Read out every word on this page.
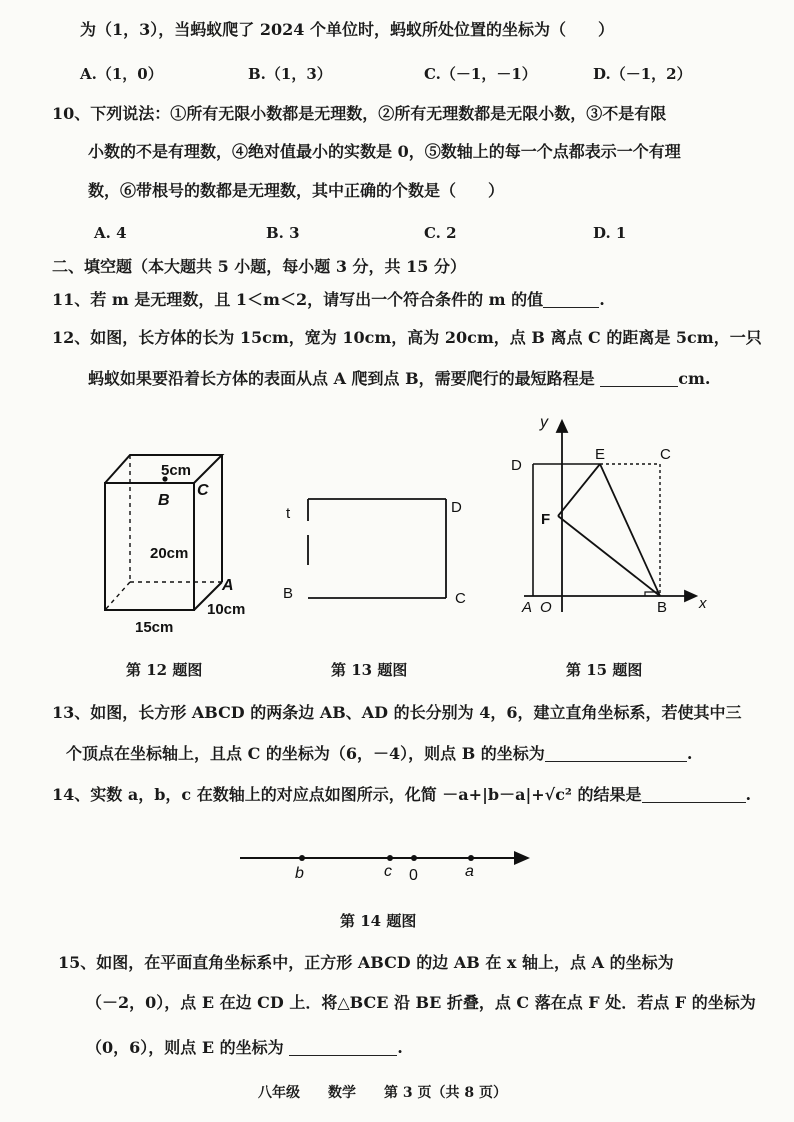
为（1，3），当蚂蚁爬了 2024 个单位时，蚂蚁所处位置的坐标为（　　）
A.（1，0）	B.（1，3）	C.（－1，－1）	D.（－1，2）
10、下列说法：①所有无限小数都是无理数，②所有无理数都是无限小数，③不是有限
小数的不是有理数，④绝对值最小的实数是 0，⑤数轴上的每一个点都表示一个有理
数，⑥带根号的数都是无理数，其中正确的个数是（　　）
A. 4	B. 3	C. 2	D. 1
二、填空题（本大题共 5 小题，每小题 3 分，共 15 分）
11、若 m 是无理数，且 1＜m＜2，请写出一个符合条件的 m 的值	.
12、如图，长方体的长为 15cm，宽为 10cm，高为 20cm，点 B 离点 C 的距离是 5cm，一只
蚂蚁如果要沿着长方体的表面从点 A 爬到点 B，需要爬行的最短路程是	cm.
5cm
B
C
20cm
A
10cm
15cm
t	D
B	C
y
D
E	C
F
A O	B x
b	c 0	a
第 12 题图	第 13 题图	第 15 题图
13、如图，长方形 ABCD 的两条边 AB、AD 的长分别为 4，6，建立直角坐标系，若使其中三
个顶点在坐标轴上，且点 C 的坐标为（6，－4），则点 B 的坐标为	.
14、实数 a，b，c 在数轴上的对应点如图所示，化简 －a+|b－a|+√c² 的结果是	.
第 14 题图
15、如图，在平面直角坐标系中，正方形 ABCD 的边 AB 在 x 轴上，点 A 的坐标为
（－2，0），点 E 在边 CD 上．将△BCE 沿 BE 折叠，点 C 落在点 F 处．若点 F 的坐标为
（0，6），则点 E 的坐标为	.
八年级　　数学　　第 3 页（共 8 页）
